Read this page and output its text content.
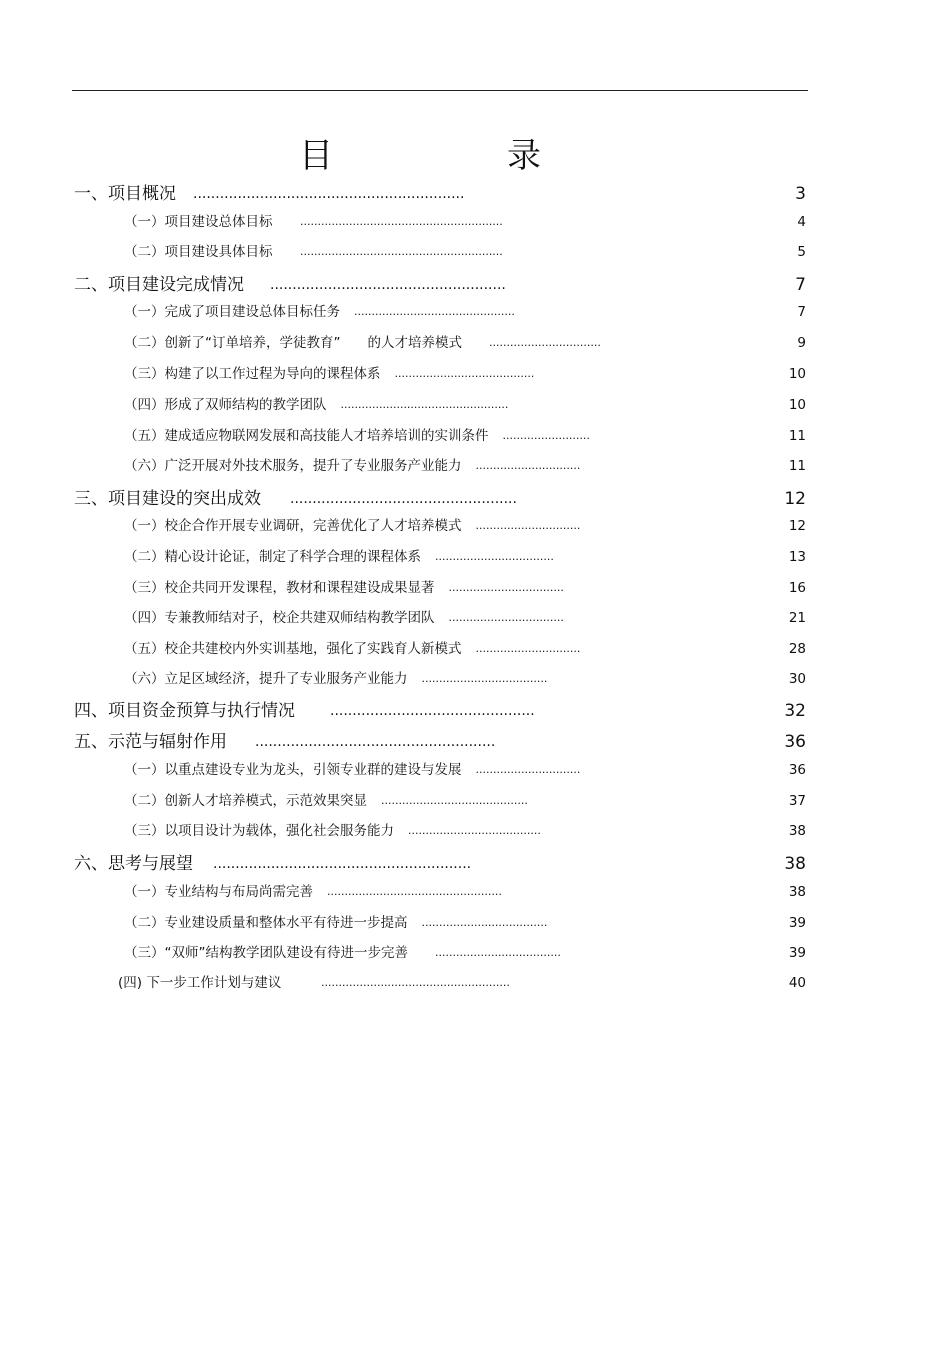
目　录
一、项目概况 .............................................................	3
（一）项目建设总体目标	..........................................................	4
（二）项目建设具体目标	..........................................................	5
二、项目建设完成情况 .....................................................	7
（一）完成了项目建设总体目标任务 ..............................................	7
（二）创新了“订单培养，学徒教育”　　的人才培养模式 ................................	9
（三）构建了以工作过程为导向的课程体系 ........................................	10
（四）形成了双师结构的教学团队 ................................................	10
（五）建成适应物联网发展和高技能人才培养培训的实训条件 .........................	11
（六）广泛开展对外技术服务，提升了专业服务产业能力 ..............................	11
三、项目建设的突出成效 ...................................................	12
（一）校企合作开展专业调研，完善优化了人才培养模式 ..............................	12
（二）精心设计论证，制定了科学合理的课程体系 ..................................	13
（三）校企共同开发课程，教材和课程建设成果显著 .................................	16
（四）专兼教师结对子，校企共建双师结构教学团队 .................................	21
（五）校企共建校内外实训基地，强化了实践育人新模式 ..............................	28
（六）立足区域经济，提升了专业服务产业能力 ....................................	30
四、项目资金预算与执行情况	..............................................	32
五、示范与辐射作用 ......................................................	36
（一）以重点建设专业为龙头，引领专业群的建设与发展 ..............................	36
（二）创新人才培养模式，示范效果突显 ..........................................	37
（三）以项目设计为载体，强化社会服务能力 ......................................	38
六、思考与展望 ..........................................................	38
（一）专业结构与布局尚需完善 ..................................................	38
（二）专业建设质量和整体水平有待进一步提高 ....................................	39
（三）“双师”结构教学团队建设有待进一步完善 ....................................	39
(四) 下一步工作计划与建议	......................................................	40
